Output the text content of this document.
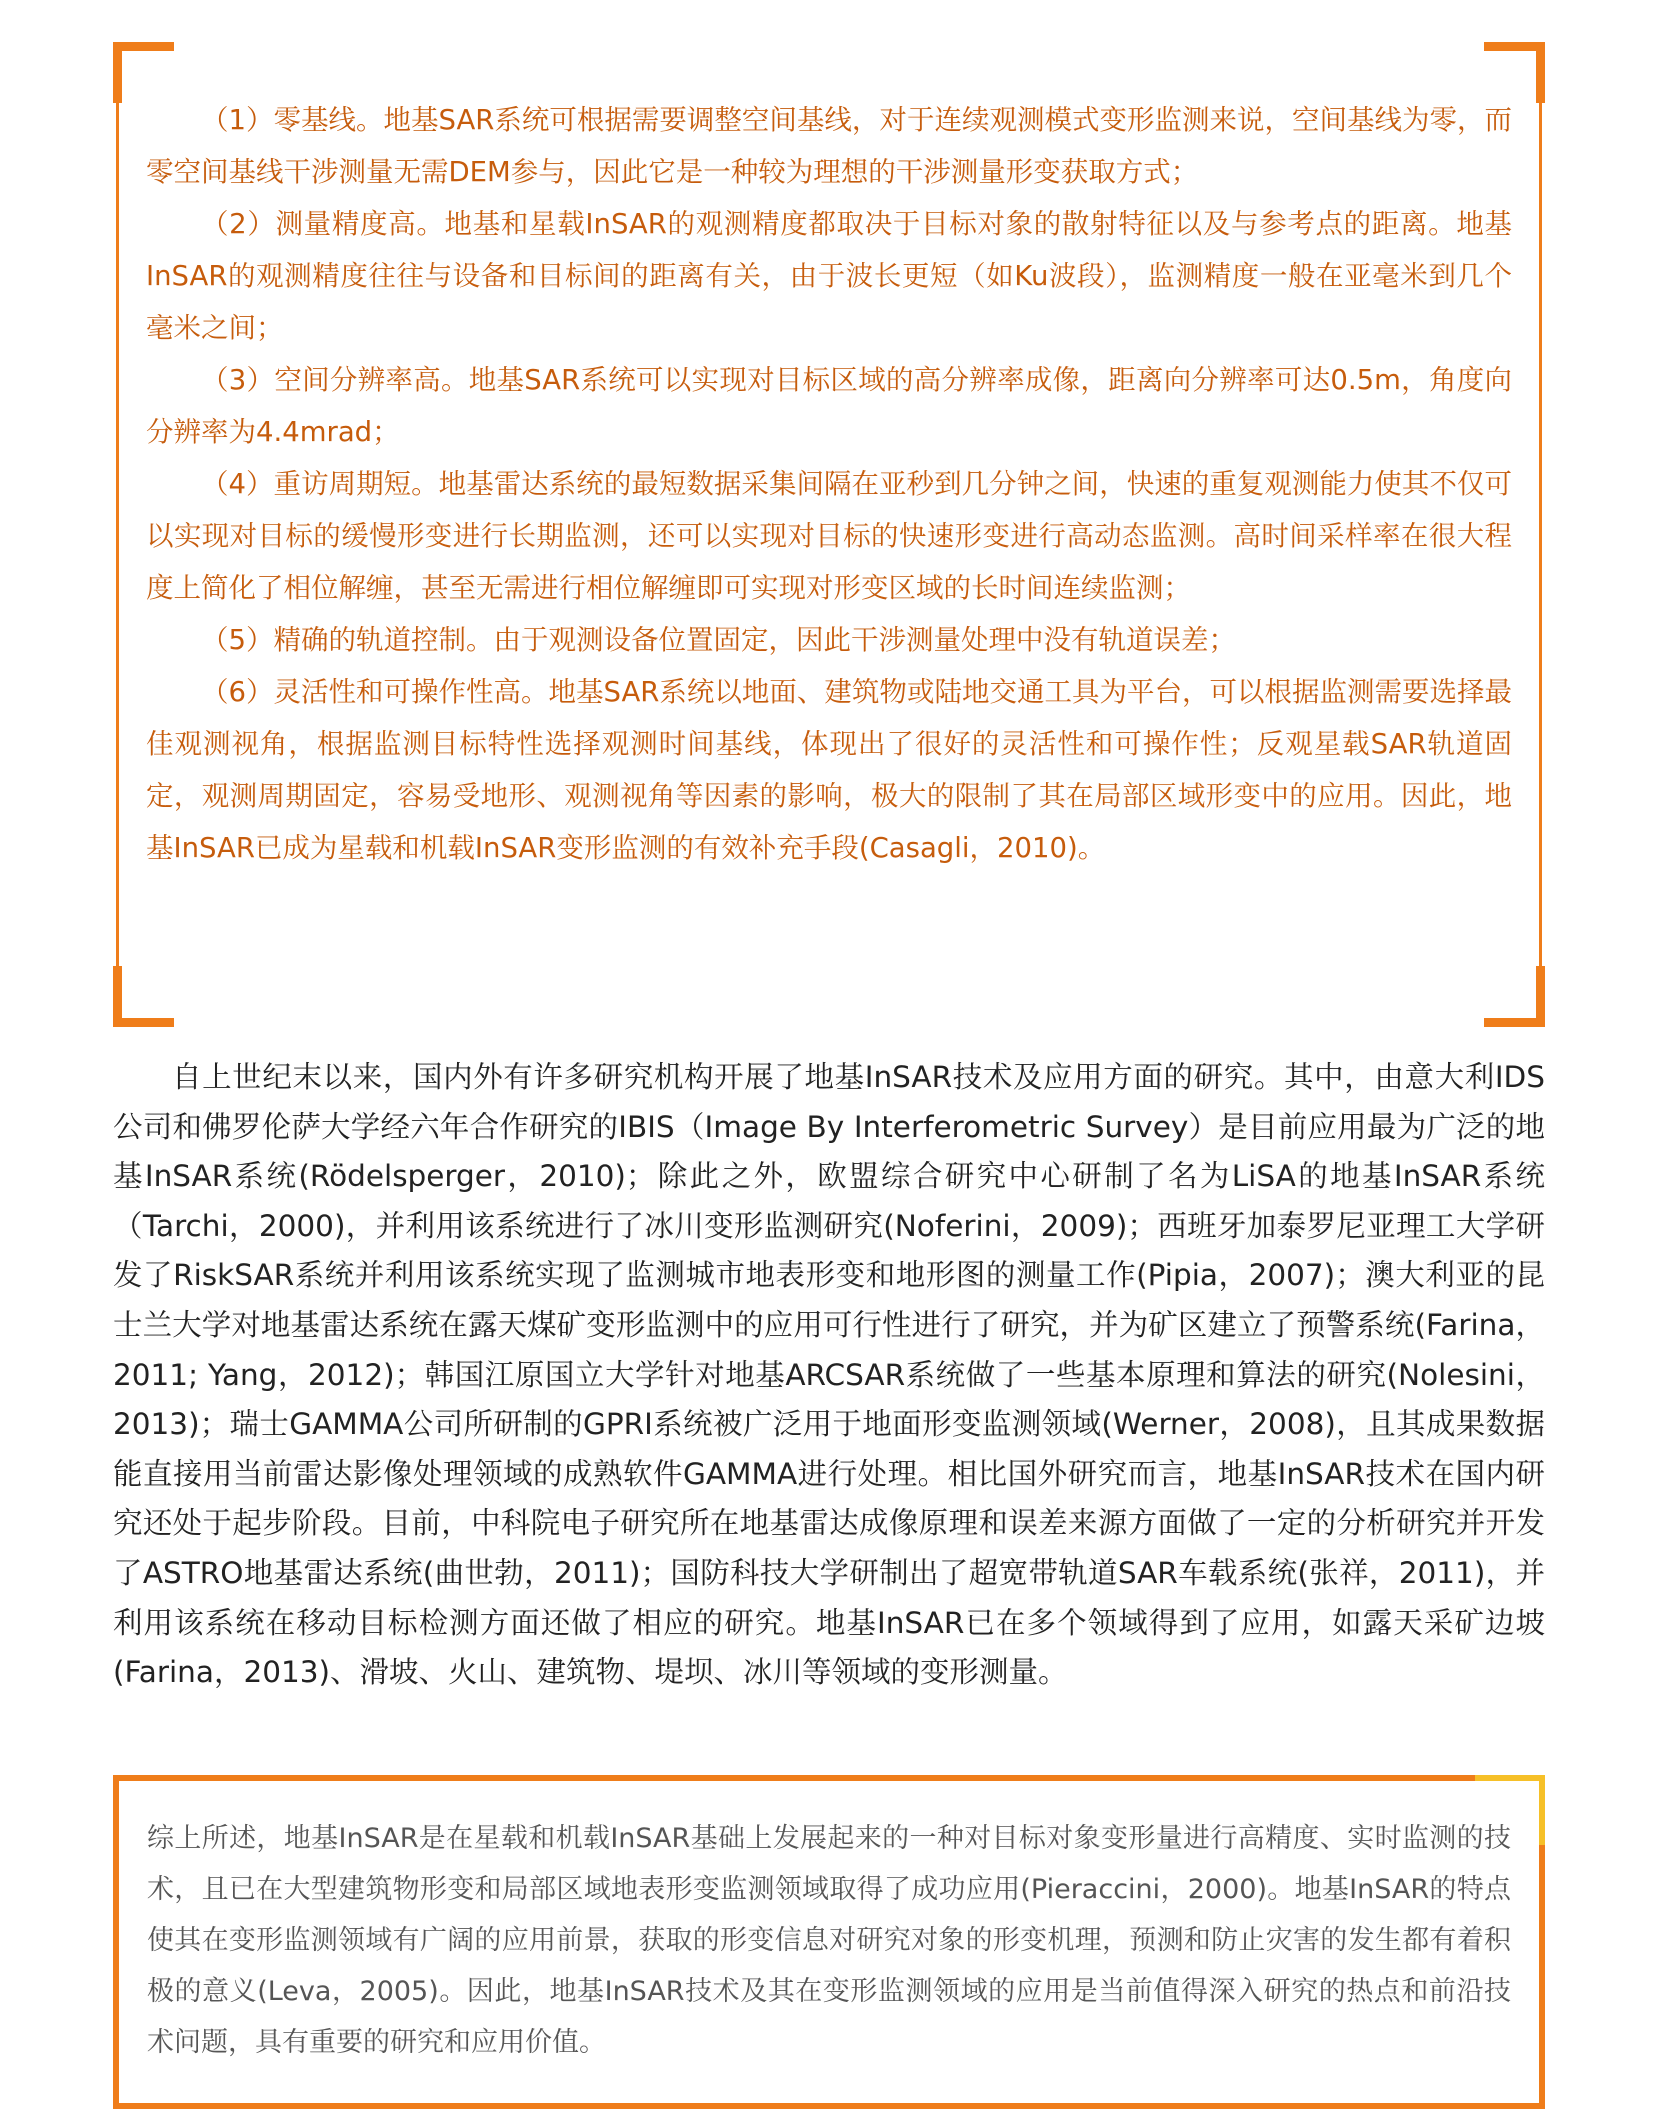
（1）零基线。地基SAR系统可根据需要调整空间基线，对于连续观测模式变形监测来说，空间基线为零，而零空间基线干涉测量无需DEM参与，因此它是一种较为理想的干涉测量形变获取方式；

（2）测量精度高。地基和星载InSAR的观测精度都取决于目标对象的散射特征以及与参考点的距离。地基InSAR的观测精度往往与设备和目标间的距离有关，由于波长更短（如Ku波段），监测精度一般在亚毫米到几个毫米之间；

（3）空间分辨率高。地基SAR系统可以实现对目标区域的高分辨率成像，距离向分辨率可达0.5m，角度向分辨率为4.4mrad；

（4）重访周期短。地基雷达系统的最短数据采集间隔在亚秒到几分钟之间，快速的重复观测能力使其不仅可以实现对目标的缓慢形变进行长期监测，还可以实现对目标的快速形变进行高动态监测。高时间采样率在很大程度上简化了相位解缠，甚至无需进行相位解缠即可实现对形变区域的长时间连续监测；

（5）精确的轨道控制。由于观测设备位置固定，因此干涉测量处理中没有轨道误差；

（6）灵活性和可操作性高。地基SAR系统以地面、建筑物或陆地交通工具为平台，可以根据监测需要选择最佳观测视角，根据监测目标特性选择观测时间基线，体现出了很好的灵活性和可操作性；反观星载SAR轨道固定，观测周期固定，容易受地形、观测视角等因素的影响，极大的限制了其在局部区域形变中的应用。因此，地基InSAR已成为星载和机载InSAR变形监测的有效补充手段(Casagli，2010)。

自上世纪末以来，国内外有许多研究机构开展了地基InSAR技术及应用方面的研究。其中，由意大利IDS公司和佛罗伦萨大学经六年合作研究的IBIS（Image By Interferometric Survey）是目前应用最为广泛的地基InSAR系统(Rödelsperger，2010)；除此之外，欧盟综合研究中心研制了名为LiSA的地基InSAR系统（Tarchi，2000)，并利用该系统进行了冰川变形监测研究(Noferini，2009)；西班牙加泰罗尼亚理工大学研发了RiskSAR系统并利用该系统实现了监测城市地表形变和地形图的测量工作(Pipia，2007)；澳大利亚的昆士兰大学对地基雷达系统在露天煤矿变形监测中的应用可行性进行了研究，并为矿区建立了预警系统(Farina，2011; Yang，2012)；韩国江原国立大学针对地基ARCSAR系统做了一些基本原理和算法的研究(Nolesini，2013)；瑞士GAMMA公司所研制的GPRI系统被广泛用于地面形变监测领域(Werner，2008)，且其成果数据能直接用当前雷达影像处理领域的成熟软件GAMMA进行处理。相比国外研究而言，地基InSAR技术在国内研究还处于起步阶段。目前，中科院电子研究所在地基雷达成像原理和误差来源方面做了一定的分析研究并开发了ASTRO地基雷达系统(曲世勃，2011)；国防科技大学研制出了超宽带轨道SAR车载系统(张祥，2011)，并利用该系统在移动目标检测方面还做了相应的研究。地基InSAR已在多个领域得到了应用，如露天采矿边坡(Farina，2013)、滑坡、火山、建筑物、堤坝、冰川等领域的变形测量。

综上所述，地基InSAR是在星载和机载InSAR基础上发展起来的一种对目标对象变形量进行高精度、实时监测的技术，且已在大型建筑物形变和局部区域地表形变监测领域取得了成功应用(Pieraccini，2000)。地基InSAR的特点使其在变形监测领域有广阔的应用前景，获取的形变信息对研究对象的形变机理，预测和防止灾害的发生都有着积极的意义(Leva，2005)。因此，地基InSAR技术及其在变形监测领域的应用是当前值得深入研究的热点和前沿技术问题，具有重要的研究和应用价值。
